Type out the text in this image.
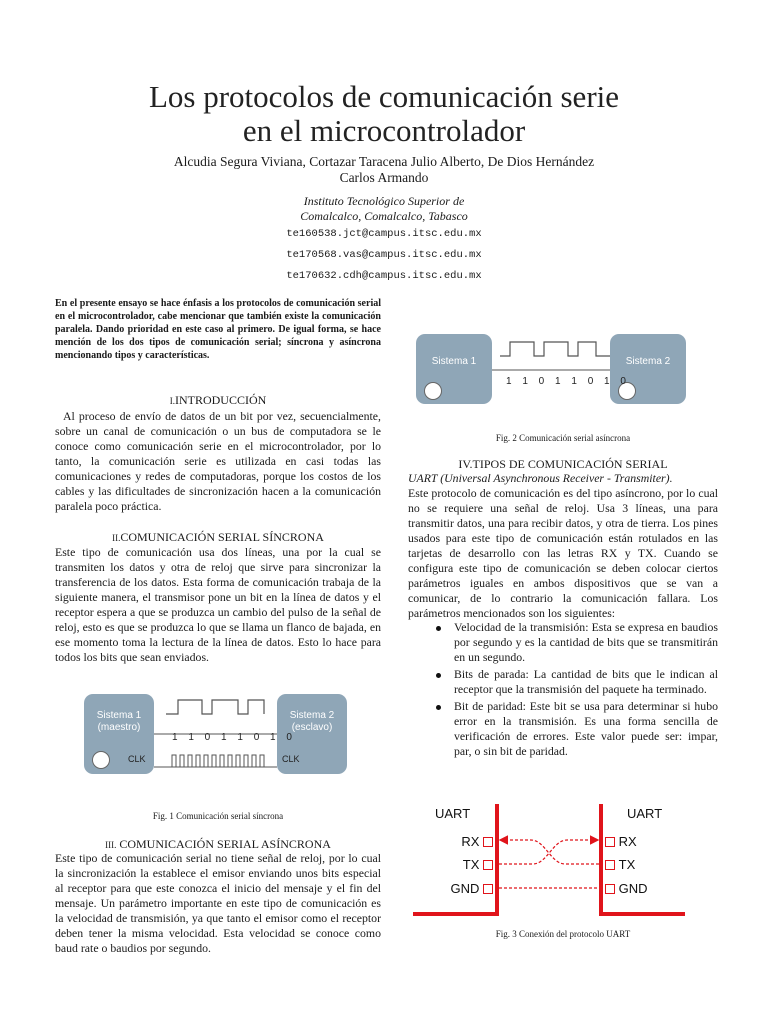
Los protocolos de comunicación serie
en el microcontrolador
Alcudia Segura Viviana, Cortazar Taracena Julio Alberto, De Dios Hernández
Carlos Armando
Instituto Tecnológico Superior de
Comalcalco, Comalcalco, Tabasco
te160538.jct@campus.itsc.edu.mx
te170568.vas@campus.itsc.edu.mx
te170632.cdh@campus.itsc.edu.mx
En el presente ensayo se hace énfasis a los protocolos de comunicación serial en el microcontrolador, cabe mencionar que también existe la comunicación paralela. Dando prioridad en este caso al primero. De igual forma, se hace mención de los dos tipos de comunicación serial; síncrona y asíncrona mencionando tipos y características.
I.INTRODUCCIÓN

Al proceso de envío de datos de un bit por vez, secuencialmente, sobre un canal de comunicación o un bus de computadora se le conoce como comunicación serie en el microcontrolador, por lo tanto, la comunicación serie es utilizada en casi todas las comunicaciones y redes de computadoras, porque los costos de los cables y las dificultades de sincronización hacen a la comunicación paralela poco práctica.

II.COMUNICACIÓN SERIAL SÍNCRONA

Este tipo de comunicación usa dos líneas, una por la cual se transmiten los datos y otra de reloj que sirve para sincronizar la transferencia de los datos. Esta forma de comunicación trabaja de la siguiente manera, el transmisor pone un bit en la línea de datos y el receptor espera a que se produzca un cambio del pulso de la señal de reloj, esto es que se produzca lo que se llama un flanco de bajada, en ese momento toma la lectura de la línea de datos. Esto lo hace para todos los bits que sean enviados.

Sistema 1
(maestro)
Sistema 2
(esclavo)
1 1 0 1 1 0 1 0
CLK	CLK
Fig. 1 Comunicación serial síncrona
III. COMUNICACIÓN SERIAL ASÍNCRONA

Este tipo de comunicación serial no tiene señal de reloj, por lo cual la sincronización la establece el emisor enviando unos bits especial al receptor para que este conozca el inicio del mensaje y el fin del mensaje. Un parámetro importante en este tipo de comunicación es la velocidad de transmisión, ya que tanto el emisor como el receptor deben tener la misma velocidad. Esta velocidad se conoce como baud rate o baudios por segundo.

Sistema 1	Sistema 2
1 1 0 1 1 0 1 0
Fig. 2 Comunicación serial asíncrona
IV.TIPOS DE COMUNICACIÓN SERIAL
UART (Universal Asynchronous Receiver - Transmiter).

Este protocolo de comunicación es del tipo asíncrono, por lo cual no se requiere una señal de reloj. Usa 3 líneas, una para transmitir datos, una para recibir datos, y otra de tierra. Los pines usados para este tipo de comunicación están rotulados en las tarjetas de desarrollo con las letras RX y TX. Cuando se configura este tipo de comunicación se deben colocar ciertos parámetros iguales en ambos dispositivos que se van a comunicar, de lo contrario la comunicación fallara. Los parámetros mencionados son los siguientes:

Velocidad de la transmisión: Esta se expresa en baudios por segundo y es la cantidad de bits que se transmitirán en un segundo.
Bits de parada: La cantidad de bits que le indican al receptor que la transmisión del paquete ha terminado.
Bit de paridad: Este bit se usa para determinar si hubo error en la transmisión. Es una forma sencilla de verificación de errores. Este valor puede ser: impar, par, o sin bit de paridad.
UART
RX

TX

GND

UART

RX

TX

GND
Fig. 3 Conexión del protocolo UART
